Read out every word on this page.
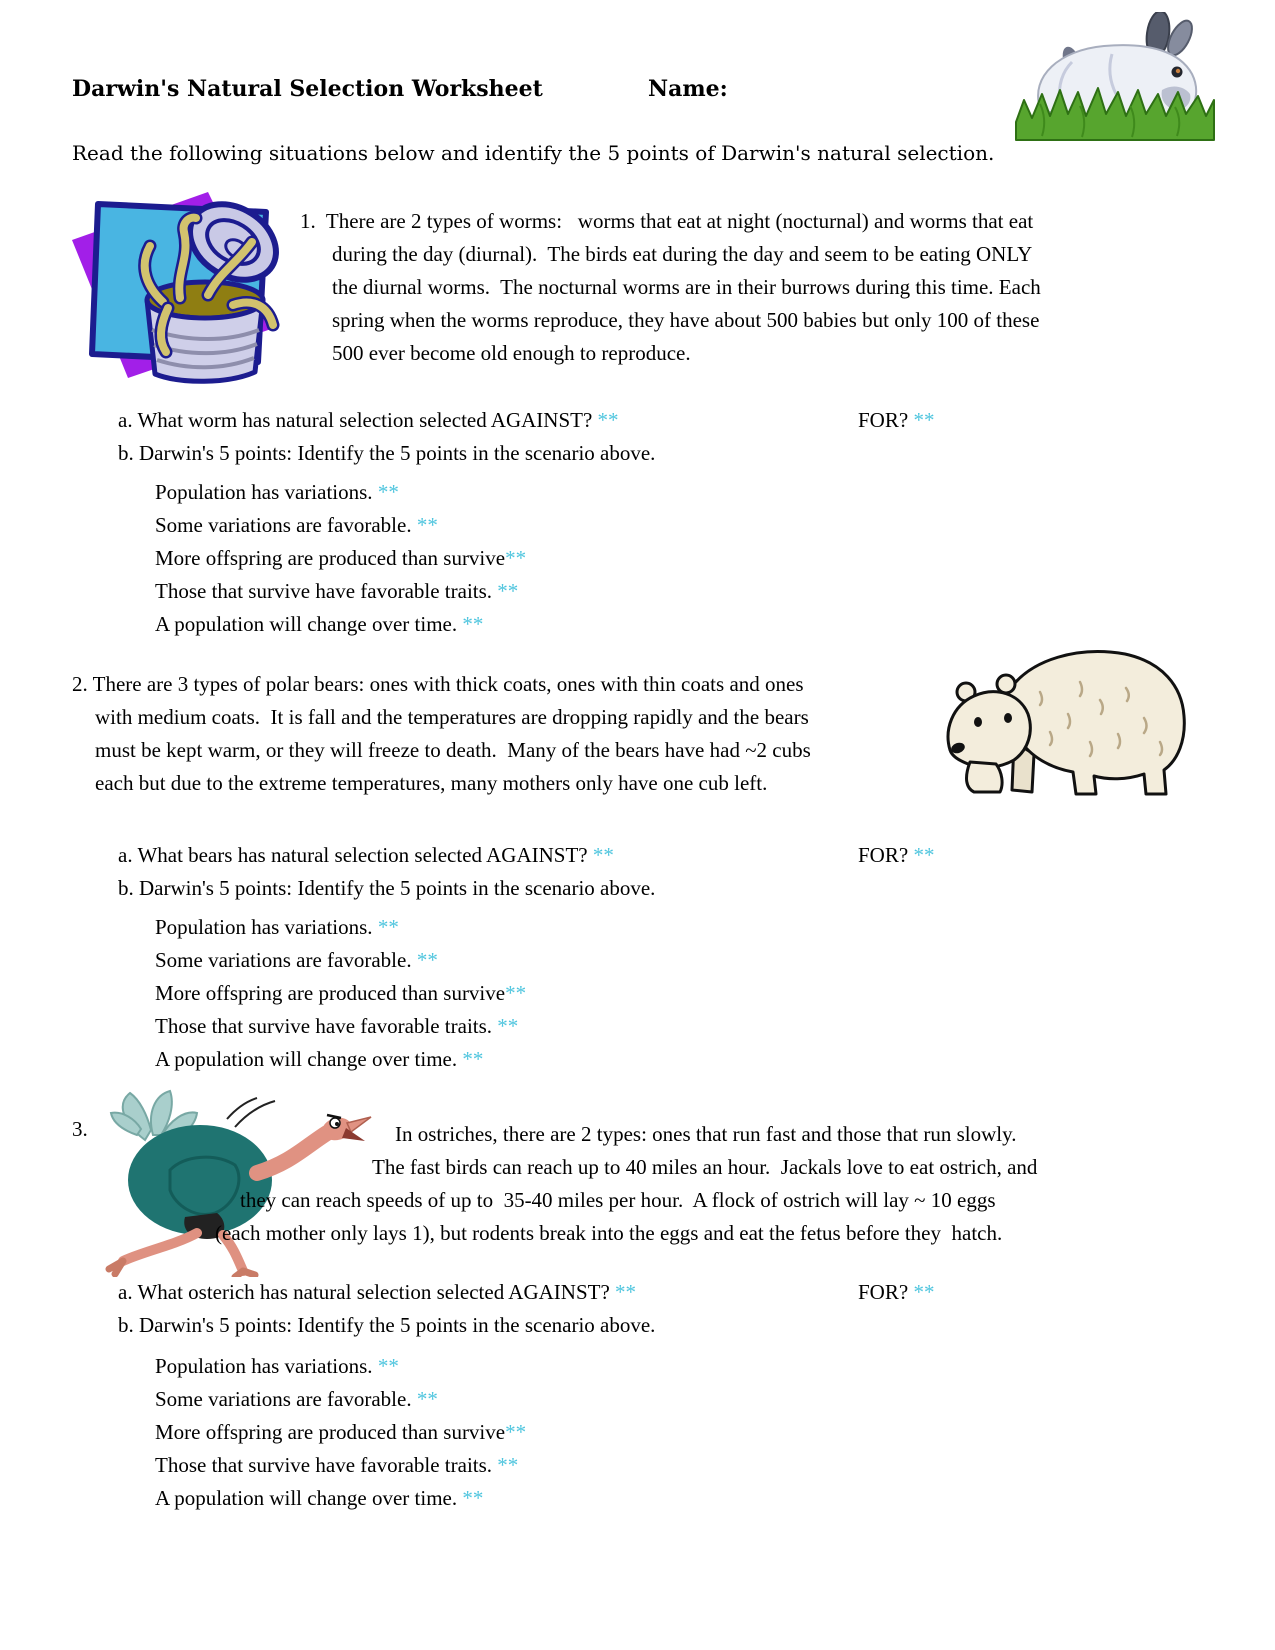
Darwin's Natural Selection Worksheet	Name:
Read the following situations below and identify the 5 points of Darwin's natural selection.
1.  There are 2 types of worms:   worms that eat at night (nocturnal) and worms that eat
during the day (diurnal).  The birds eat during the day and seem to be eating ONLY
the diurnal worms.  The nocturnal worms are in their burrows during this time. Each
spring when the worms reproduce, they have about 500 babies but only 100 of these
500 ever become old enough to reproduce.
a. What worm has natural selection selected AGAINST? **	FOR? **
b. Darwin's 5 points: Identify the 5 points in the scenario above.
Population has variations. **
Some variations are favorable. **
More offspring are produced than survive**
Those that survive have favorable traits. **
A population will change over time. **
2. There are 3 types of polar bears: ones with thick coats, ones with thin coats and ones
with medium coats.  It is fall and the temperatures are dropping rapidly and the bears
must be kept warm, or they will freeze to death.  Many of the bears have had ~2 cubs
each but due to the extreme temperatures, many mothers only have one cub left.
a. What bears has natural selection selected AGAINST? **	FOR? **
b. Darwin's 5 points: Identify the 5 points in the scenario above.
Population has variations. **
Some variations are favorable. **
More offspring are produced than survive**
Those that survive have favorable traits. **
A population will change over time. **
3.	In ostriches, there are 2 types: ones that run fast and those that run slowly.
The fast birds can reach up to 40 miles an hour.  Jackals love to eat ostrich, and
they can reach speeds of up to  35-40 miles per hour.  A flock of ostrich will lay ~ 10 eggs
(each mother only lays 1), but rodents break into the eggs and eat the fetus before they  hatch.
a. What osterich has natural selection selected AGAINST? **	FOR? **
b. Darwin's 5 points: Identify the 5 points in the scenario above.
Population has variations. **
Some variations are favorable. **
More offspring are produced than survive**
Those that survive have favorable traits. **
A population will change over time. **
